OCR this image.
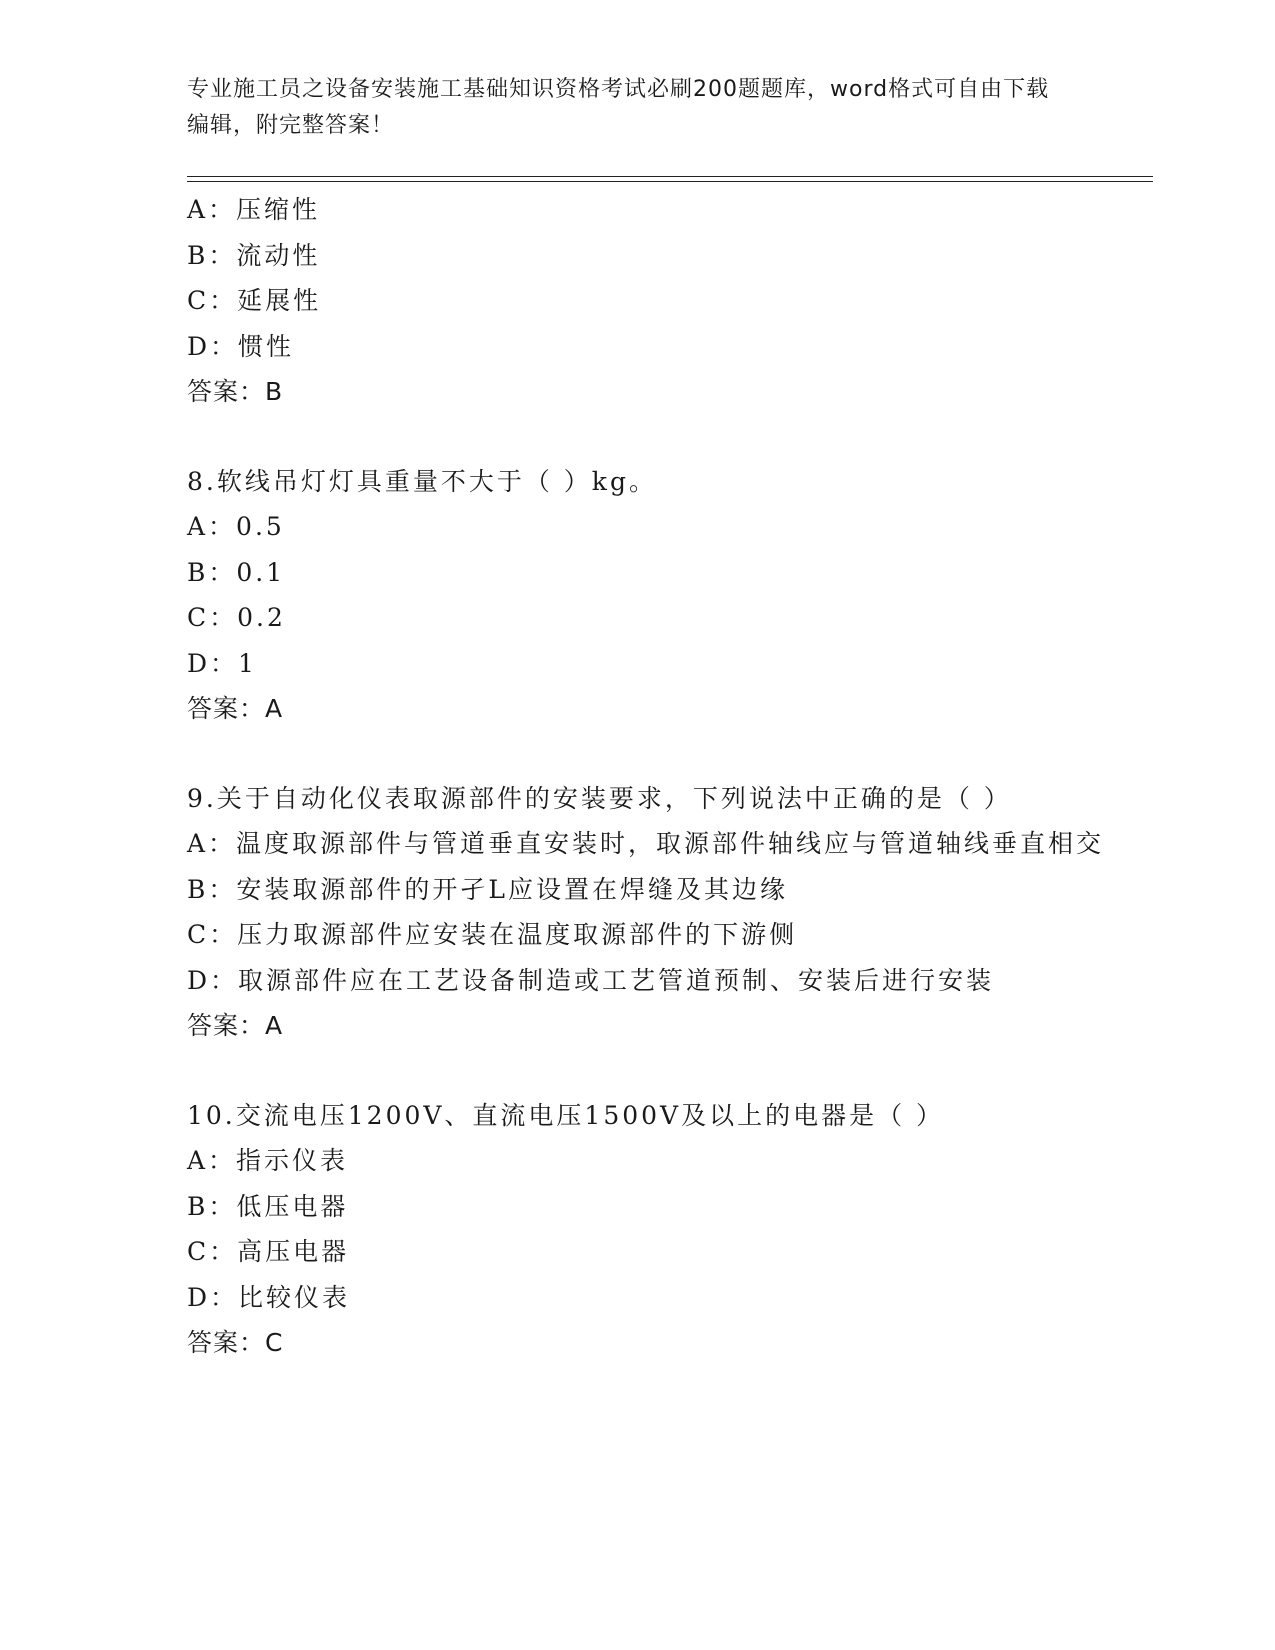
专业施工员之设备安装施工基础知识资格考试必刷200题题库，word格式可自由下载编辑，附完整答案！
A：压缩性
B：流动性
C：延展性
D：惯性
答案：B
8.软线吊灯灯具重量不大于（ ）kg。
A：0.5
B：0.1
C：0.2
D：1
答案：A
9.关于自动化仪表取源部件的安装要求，下列说法中正确的是（ ）
A：温度取源部件与管道垂直安装时，取源部件轴线应与管道轴线垂直相交
B：安装取源部件的开孑L应设置在焊缝及其边缘
C：压力取源部件应安装在温度取源部件的下游侧
D：取源部件应在工艺设备制造或工艺管道预制、安装后进行安装
答案：A
10.交流电压1200V、直流电压1500V及以上的电器是（ ）
A：指示仪表
B：低压电器
C：高压电器
D：比较仪表
答案：C
